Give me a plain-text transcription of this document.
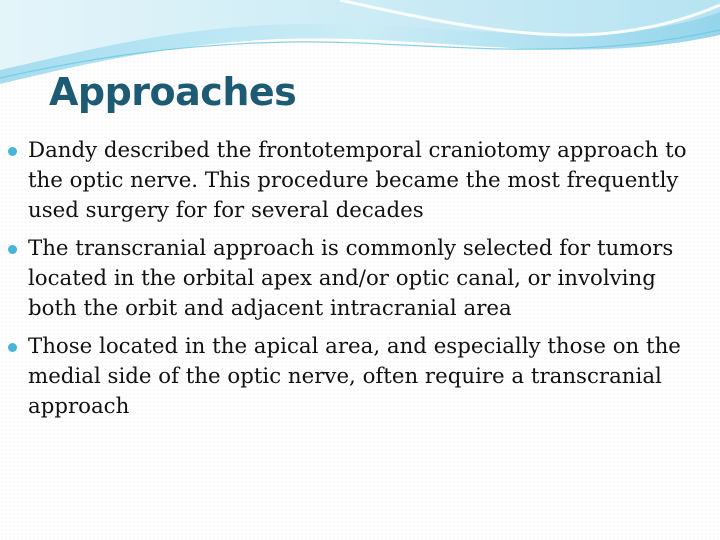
Approaches
Dandy described the frontotemporal craniotomy approach to the optic nerve. This procedure became the most frequently used surgery for for several decades
The transcranial approach is commonly selected for tumors located in the orbital apex and/or optic canal, or involving both the orbit and adjacent intracranial area
Those located in the apical area, and especially those on the medial side of the optic nerve, often require a transcranial approach
